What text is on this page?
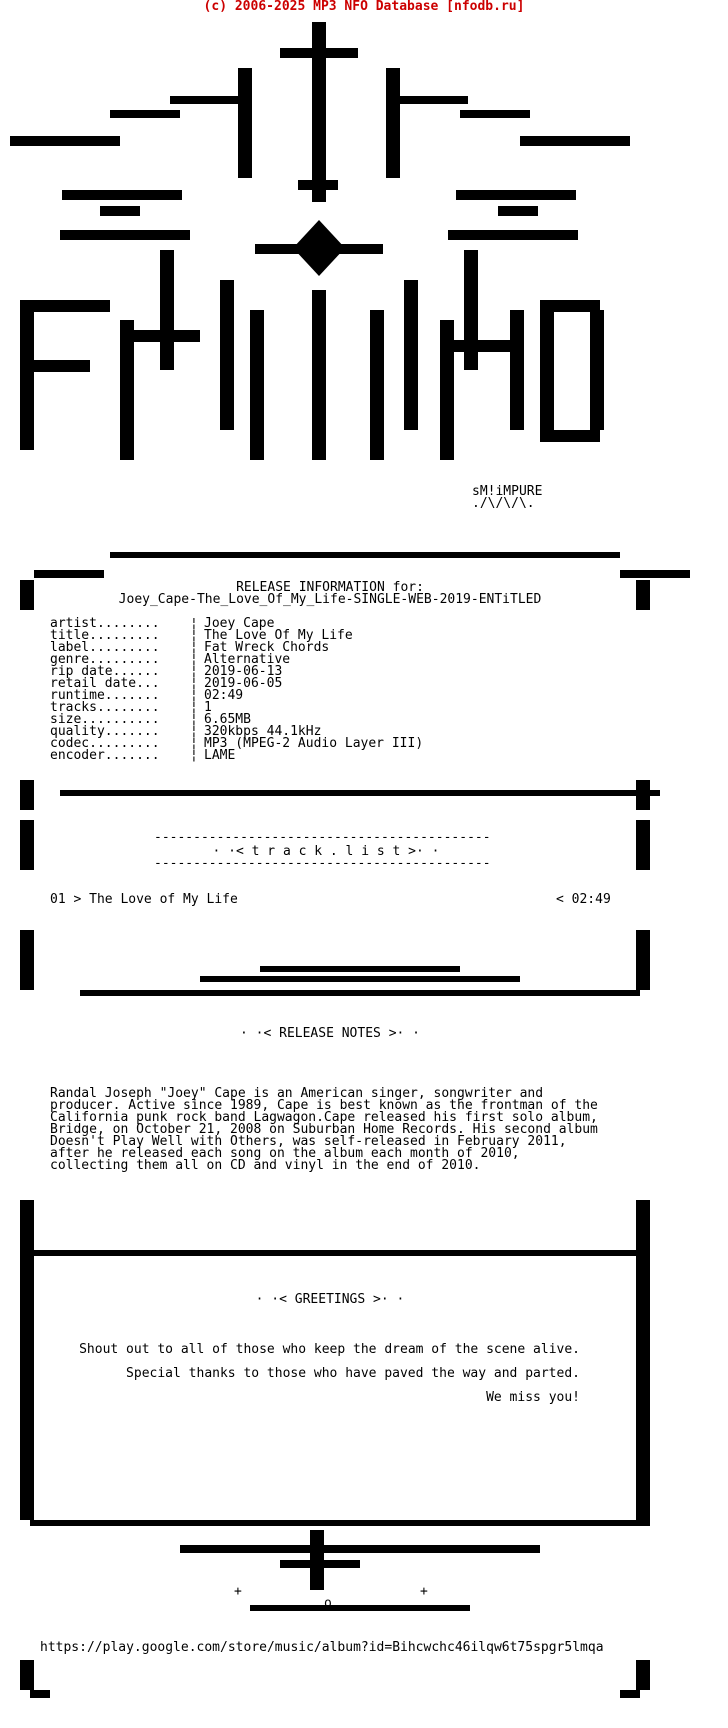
(c) 2006-2025 MP3 NFO Database [nfodb.ru]
sM!iMPURE
./\/\/\.
RELEASE INFORMATION for:
Joey_Cape-The_Love_Of_My_Life-SINGLE-WEB-2019-ENTiTLED
artist........ ¦ Joey Cape
title......... ¦ The Love Of My Life
label......... ¦ Fat Wreck Chords
genre......... ¦ Alternative
rip date...... ¦ 2019-06-13
retail date... ¦ 2019-06-05
runtime....... ¦ 02:49
tracks........ ¦ 1
size.......... ¦ 6.65MB
quality....... ¦ 320kbps 44.1kHz
codec......... ¦ MP3 (MPEG-2 Audio Layer III)
encoder....... ¦ LAME
-------------------------------------------
· ·< t r a c k . l i s t >· ·
-------------------------------------------
01 > The Love of My Life	< 02:49
· ·< RELEASE NOTES >· ·
Randal Joseph "Joey" Cape is an American singer, songwriter and
producer. Active since 1989, Cape is best known as the frontman of the
California punk rock band Lagwagon.Cape released his first solo album,
Bridge, on October 21, 2008 on Suburban Home Records. His second album
Doesn't Play Well with Others, was self-released in February 2011,
after he released each song on the album each month of 2010,
collecting them all on CD and vinyl in the end of 2010.
· ·< GREETINGS >· ·
Shout out to all of those who keep the dream of the scene alive.
Special thanks to those who have paved the way and parted.
We miss you!
+	+
o
https://play.google.com/store/music/album?id=Bihcwchc46ilqw6t75spgr5lmqa
